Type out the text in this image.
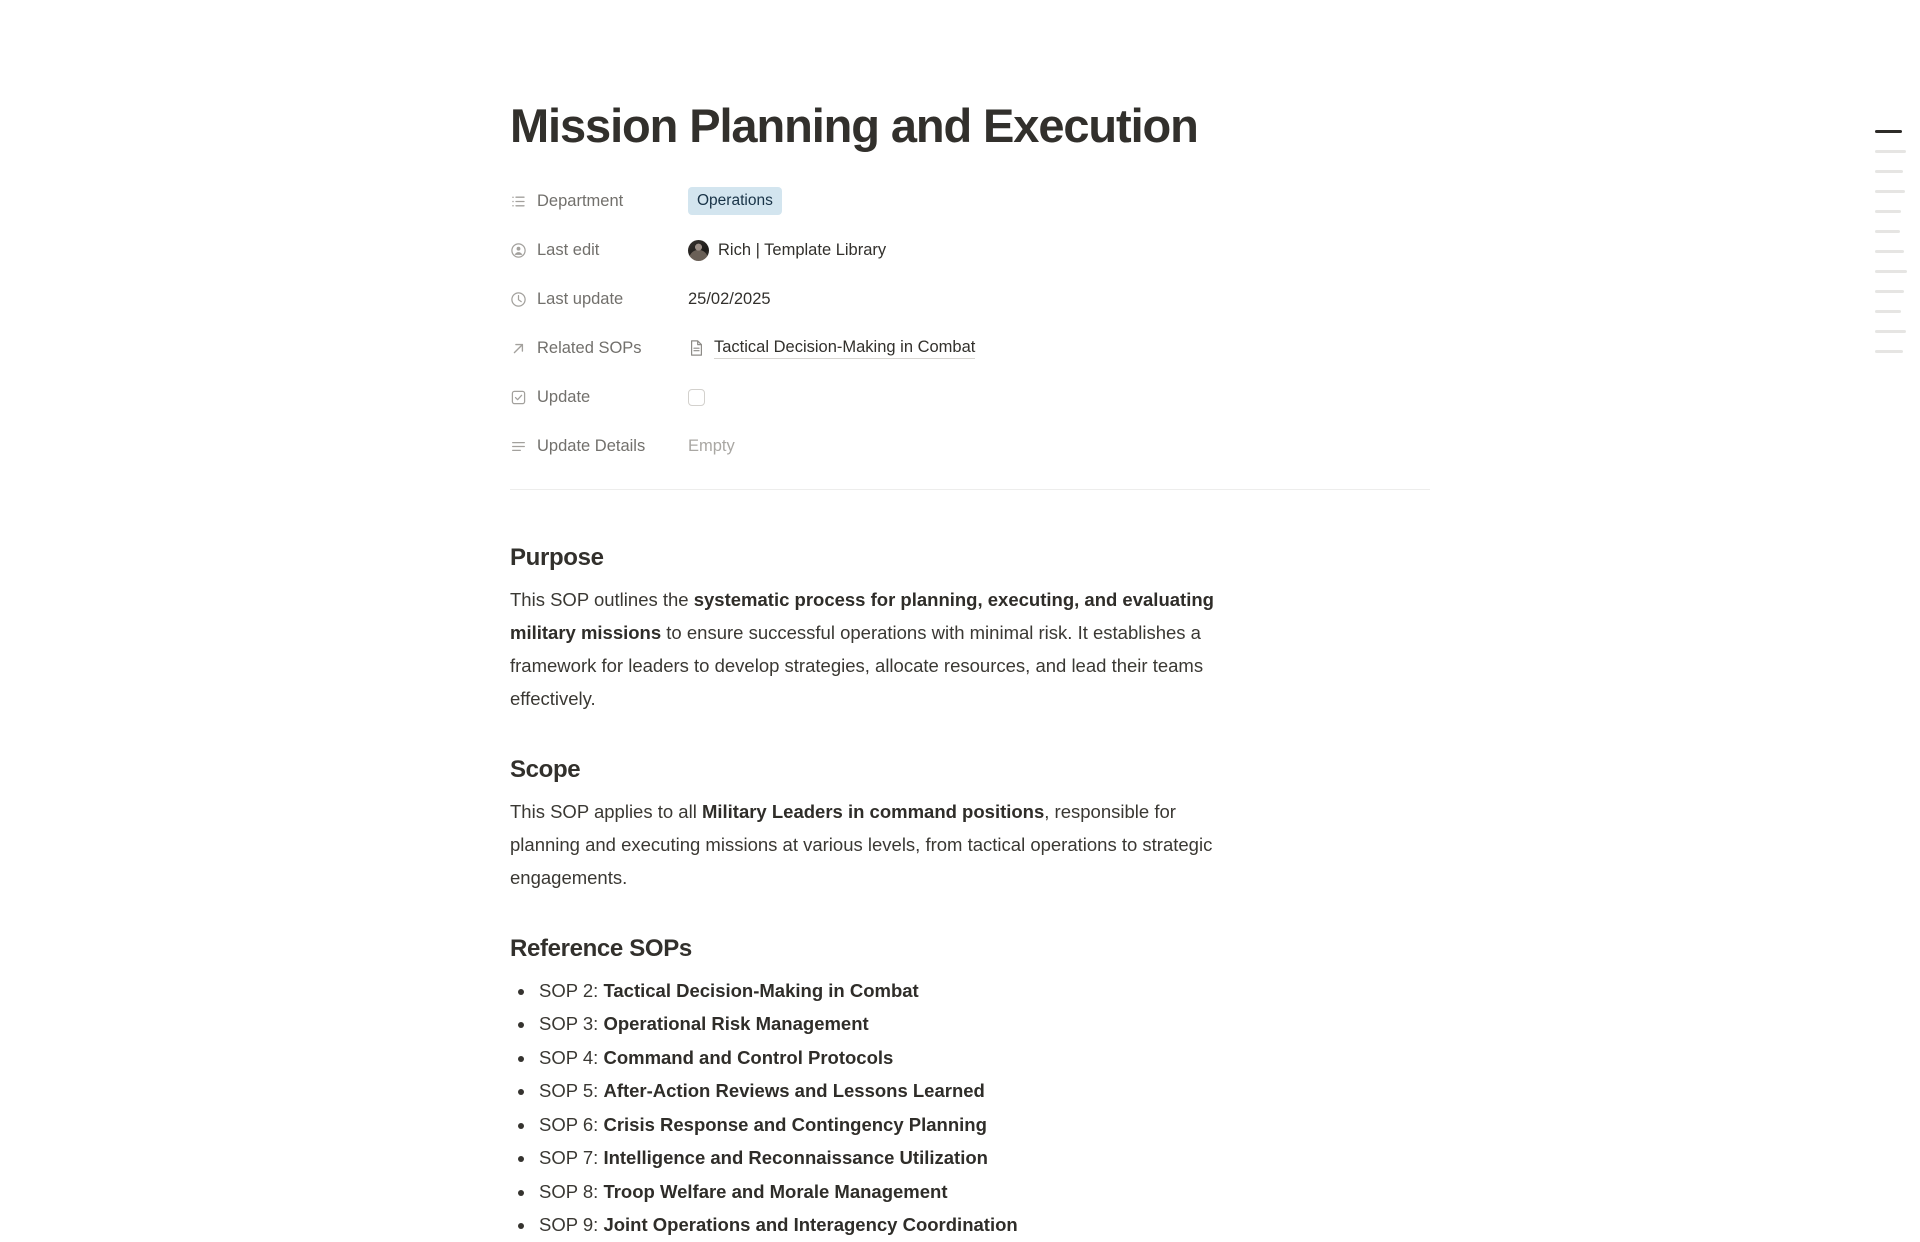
Mission Planning and Execution
Department	Operations
Last edit	Rich | Template Library
Last update	25/02/2025
Related SOPs	Tactical Decision-Making in Combat
Update
Update Details	Empty
Purpose

This SOP outlines the systematic process for planning, executing, and evaluating military missions to ensure successful operations with minimal risk. It establishes a framework for leaders to develop strategies, allocate resources, and lead their teams effectively.

Scope

This SOP applies to all Military Leaders in command positions, responsible for planning and executing missions at various levels, from tactical operations to strategic engagements.

Reference SOPs
SOP 2: Tactical Decision-Making in Combat
SOP 3: Operational Risk Management
SOP 4: Command and Control Protocols
SOP 5: After-Action Reviews and Lessons Learned
SOP 6: Crisis Response and Contingency Planning
SOP 7: Intelligence and Reconnaissance Utilization
SOP 8: Troop Welfare and Morale Management
SOP 9: Joint Operations and Interagency Coordination
